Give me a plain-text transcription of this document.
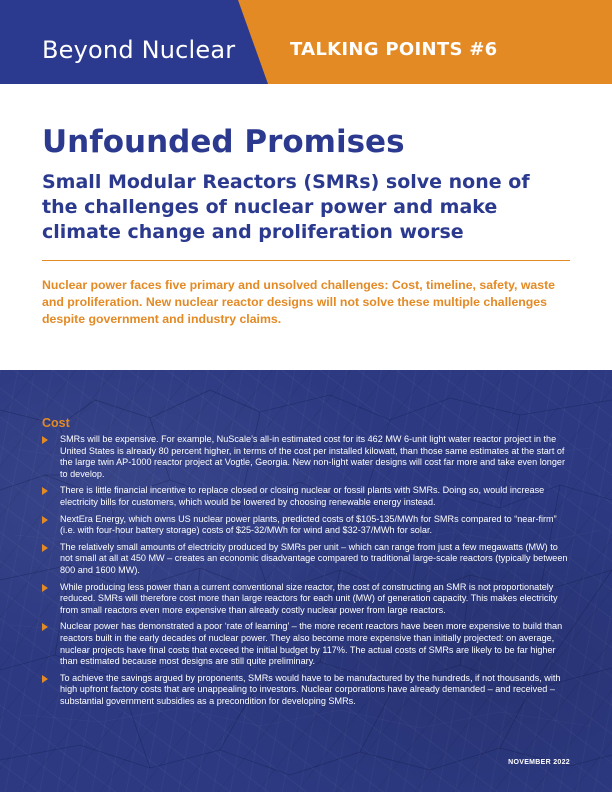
Beyond Nuclear	TALKING POINTS #6
Unfounded Promises
Small Modular Reactors (SMRs) solve none of the challenges of nuclear power and make climate change and proliferation worse
Nuclear power faces five primary and unsolved challenges: Cost, timeline, safety, waste and proliferation. New nuclear reactor designs will not solve these multiple challenges despite government and industry claims.
Cost
SMRs will be expensive. For example, NuScale’s all-in estimated cost for its 462 MW 6-unit light water reactor project in the United States is already 80 percent higher, in terms of the cost per installed kilowatt, than those same estimates at the start of the large twin AP-1000 reactor project at Vogtle, Georgia. New non-light water designs will cost far more and take even longer to develop.
There is little financial incentive to replace closed or closing nuclear or fossil plants with SMRs. Doing so, would increase electricity bills for customers, which would be lowered by choosing renewable energy instead.
NextEra Energy, which owns US nuclear power plants, predicted costs of $105-135/MWh for SMRs compared to “near-firm” (i.e. with four-hour battery storage) costs of $25-32/MWh for wind and $32-37/MWh for solar.
The relatively small amounts of electricity produced by SMRs per unit – which can range from just a few megawatts (MW) to not small at all at 450 MW – creates an economic disadvantage compared to traditional large-scale reactors (typically between 800 and 1600 MW).
While producing less power than a current conventional size reactor, the cost of constructing an SMR is not proportionately reduced. SMRs will therefore cost more than large reactors for each unit (MW) of generation capacity. This makes electricity from small reactors even more expensive than already costly nuclear power from large reactors.
Nuclear power has demonstrated a poor ‘rate of learning’ – the more recent reactors have been more expensive to build than reactors built in the early decades of nuclear power. They also become more expensive than initially projected: on average, nuclear projects have final costs that exceed the initial budget by 117%. The actual costs of SMRs are likely to be far higher than estimated because most designs are still quite preliminary.
To achieve the savings argued by proponents, SMRs would have to be manufactured by the hundreds, if not thousands, with high upfront factory costs that are unappealing to investors. Nuclear corporations have already demanded – and received – substantial government subsidies as a precondition for developing SMRs.
NOVEMBER 2022
